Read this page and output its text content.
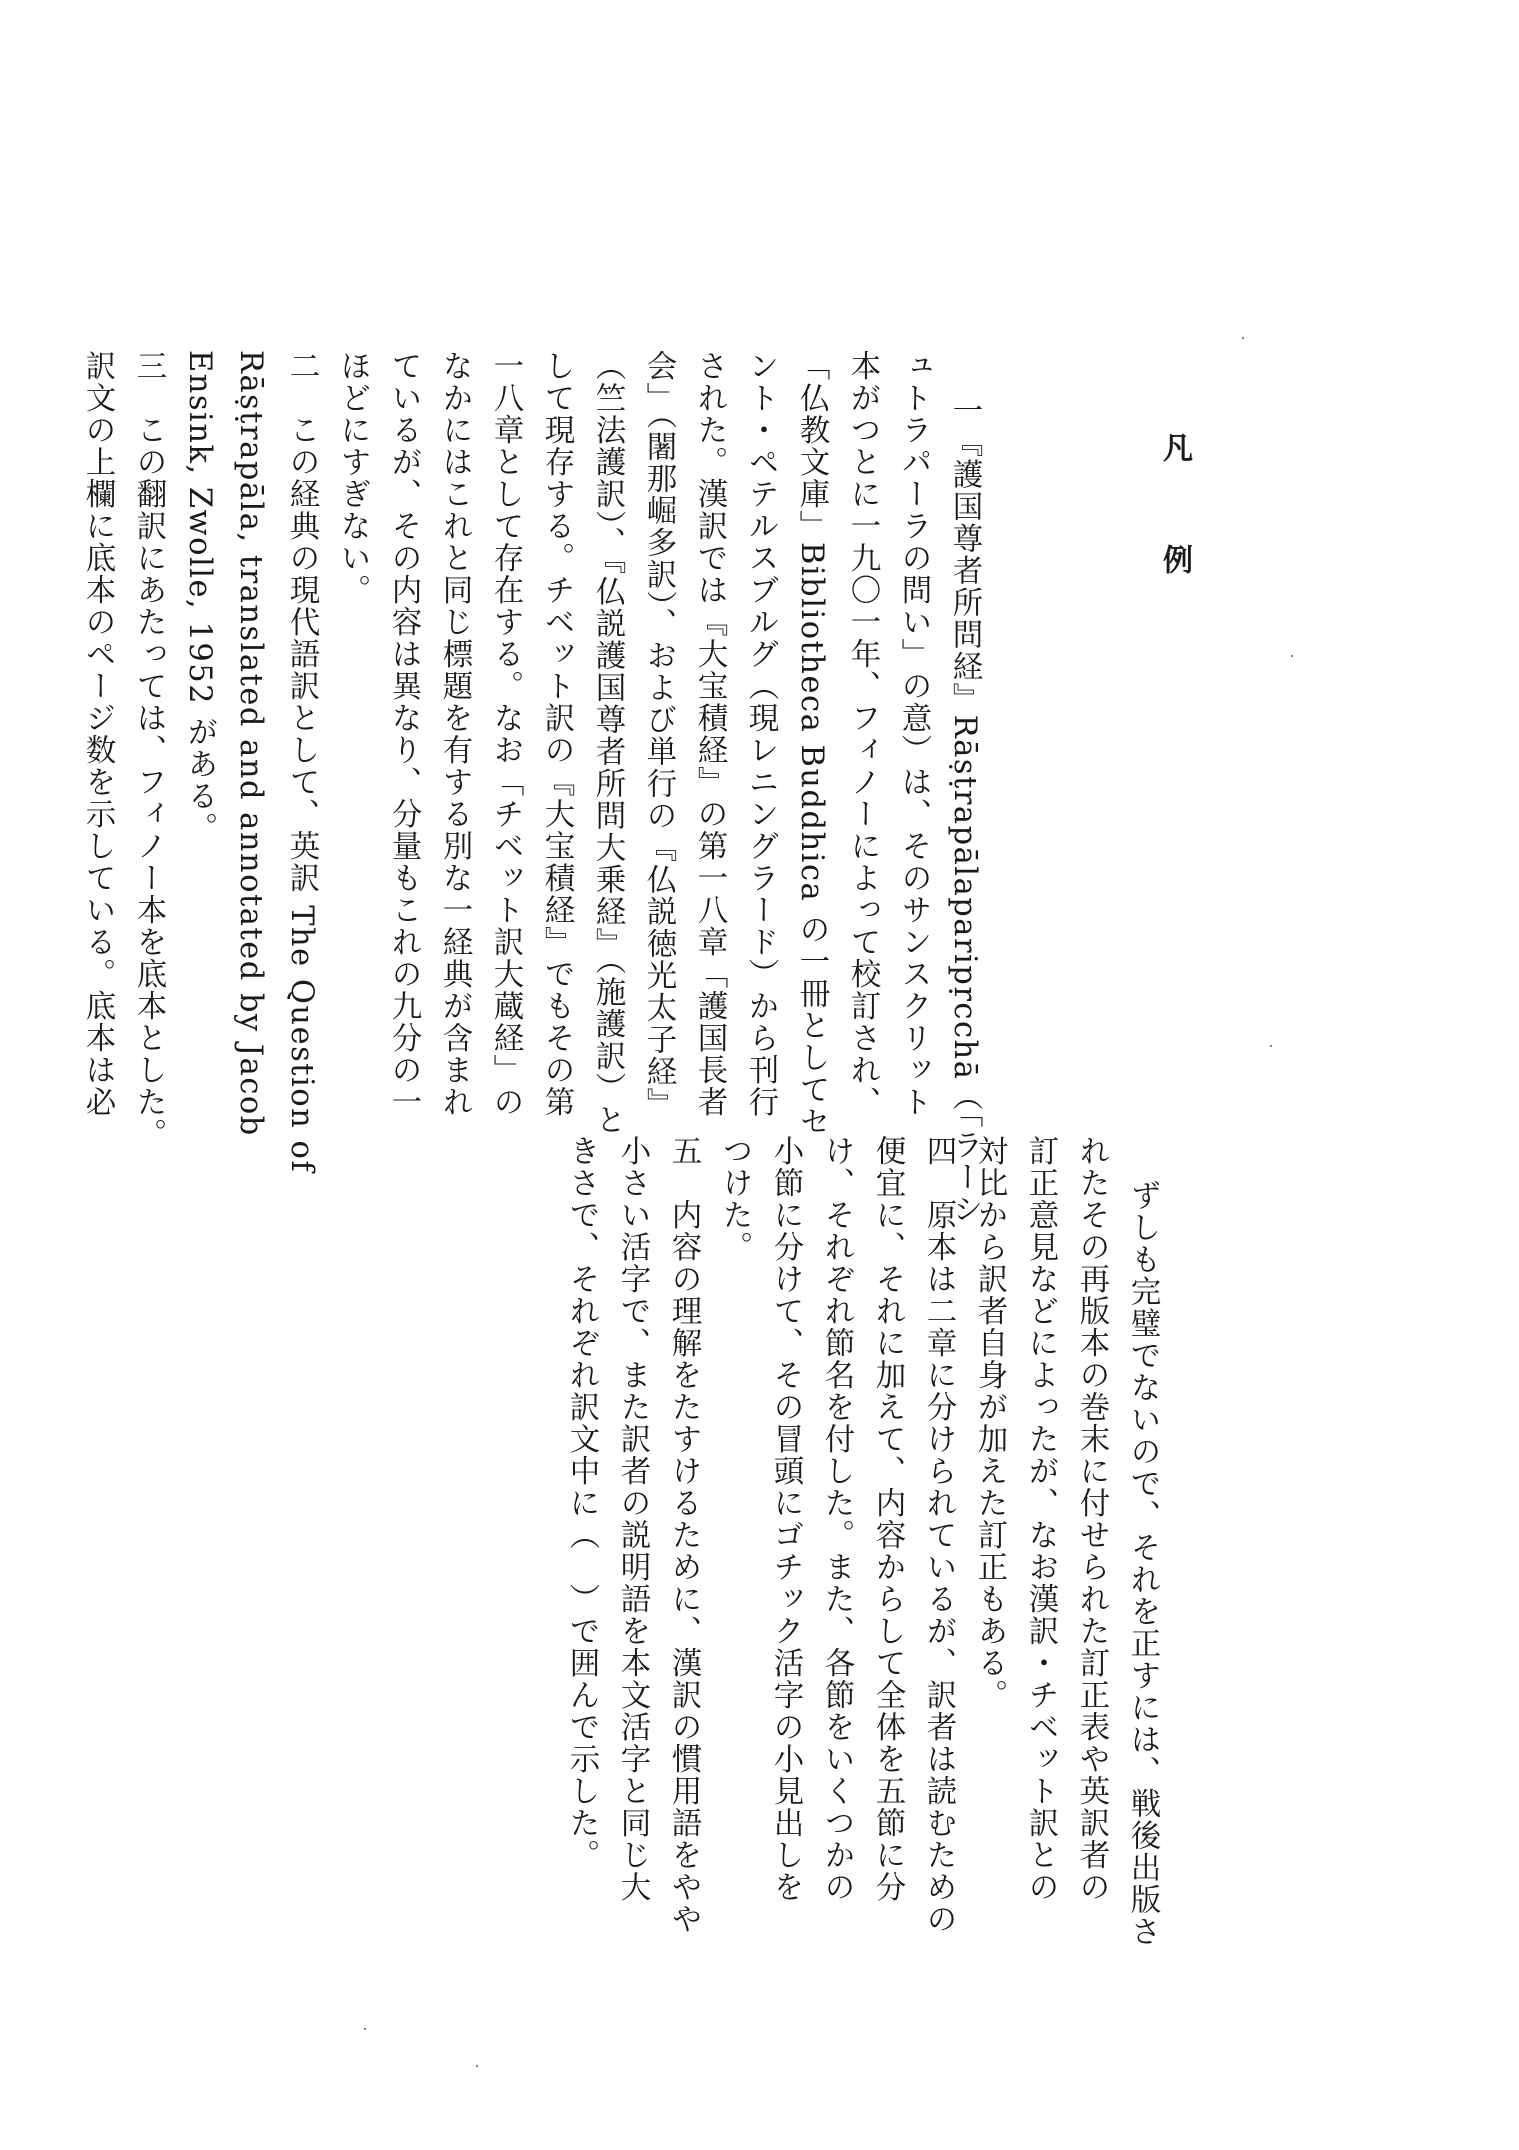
凡　例

一『護国尊者所問経』Rāṣṭrapālaparipṛcchā（「ラーシ
ュトラパーラの問い」の意）は、そのサンスクリット
本がつとに一九〇一年、フィノーによって校訂され、
「仏教文庫」Bibliotheca Buddhica の一冊としてセ
ント・ペテルスブルグ（現レニングラード）から刊行
された。漢訳では『大宝積経』の第一八章「護国長者
会」（闍那崛多訳）、および単行の『仏説徳光太子経』
（竺法護訳）、『仏説護国尊者所問大乗経』（施護訳）と
して現存する。チベット訳の『大宝積経』でもその第
一八章として存在する。なお「チベット訳大蔵経」の
なかにはこれと同じ標題を有する別な一経典が含まれ
ているが、その内容は異なり、分量もこれの九分の一
ほどにすぎない。
二　この経典の現代語訳として、英訳 The Question of
Rāṣṭrapāla, translated and annotated by Jacob
Ensink, Zwolle, 1952 がある。
三　この翻訳にあたっては、フィノー本を底本とした。
訳文の上欄に底本のページ数を示している。底本は必

ずしも完璧でないので、それを正すには、戦後出版さ
れたその再版本の巻末に付せられた訂正表や英訳者の
訂正意見などによったが、なお漢訳・チベット訳との
対比から訳者自身が加えた訂正もある。
四　原本は二章に分けられているが、訳者は読むための
便宜に、それに加えて、内容からして全体を五節に分
け、それぞれ節名を付した。また、各節をいくつかの
小節に分けて、その冒頭にゴチック活字の小見出しを
つけた。
五　内容の理解をたすけるために、漢訳の慣用語をやや
小さい活字で、また訳者の説明語を本文活字と同じ大
きさで、それぞれ訳文中に（　）で囲んで示した。
